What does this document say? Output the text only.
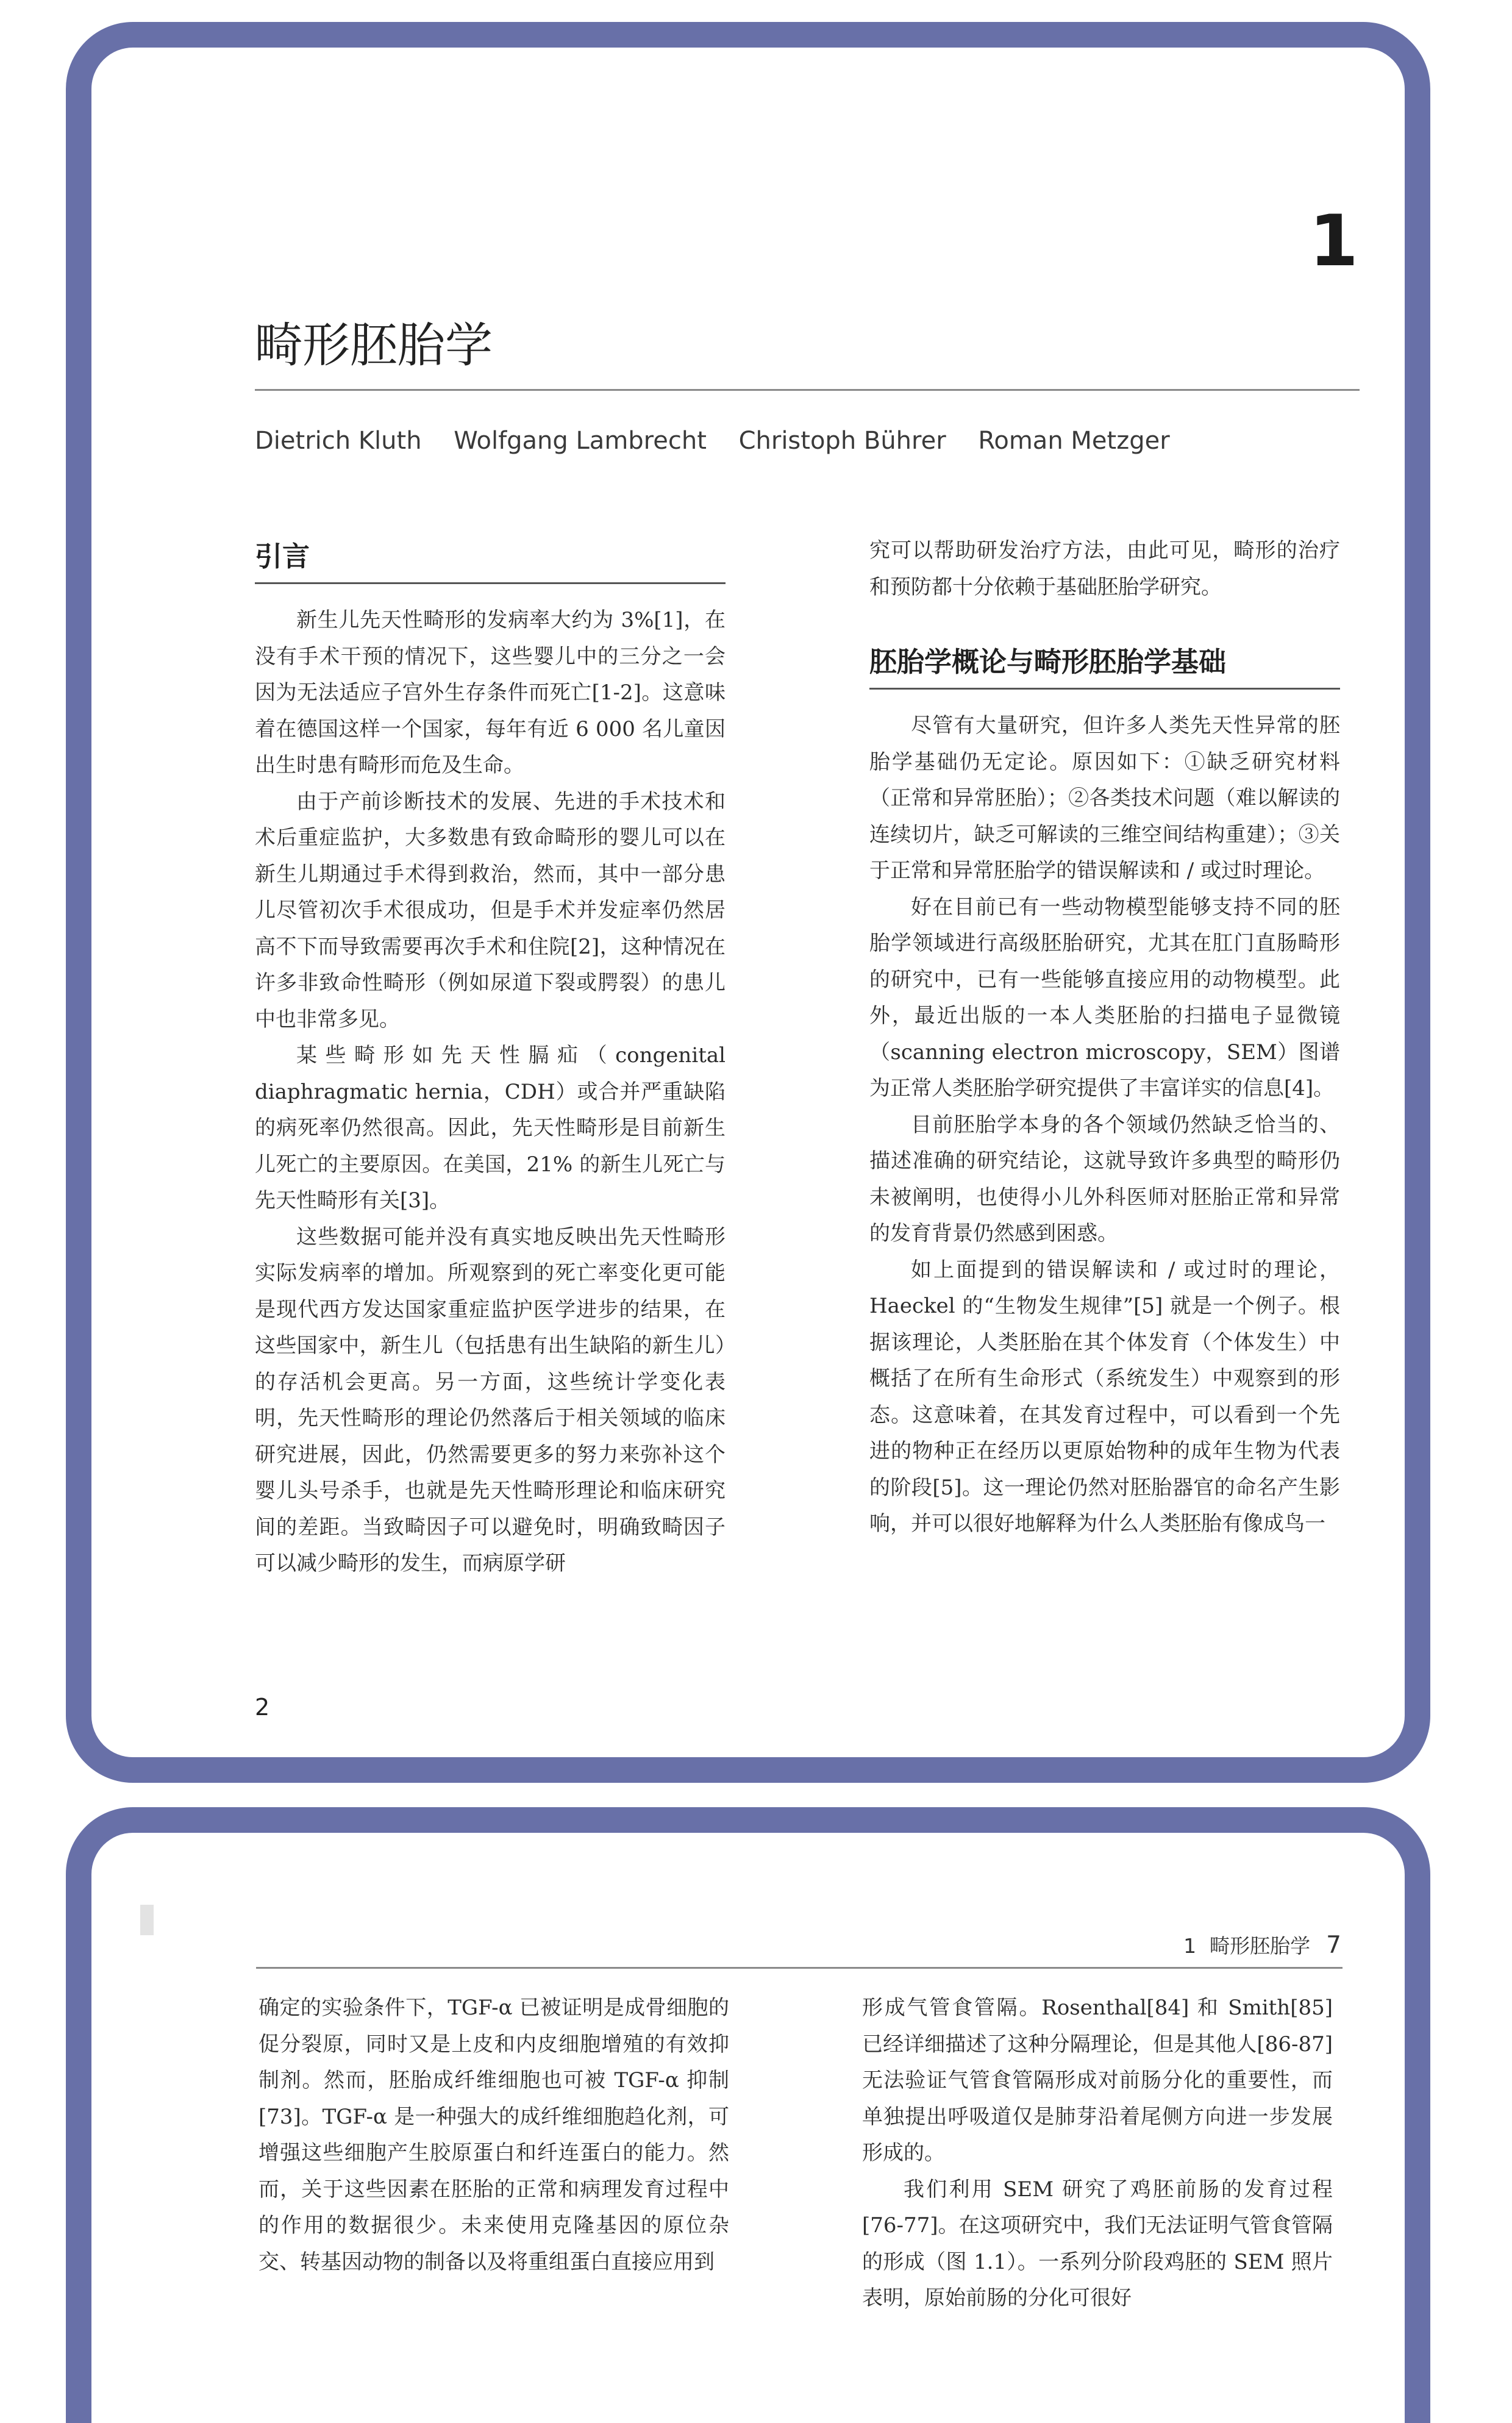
1
畸形胚胎学
Dietrich Kluth Wolfgang Lambrecht Christoph Bührer Roman Metzger
引言

新生儿先天性畸形的发病率大约为 3%[1]，在没有手术干预的情况下，这些婴儿中的三分之一会因为无法适应子宫外生存条件而死亡[1-2]。这意味着在德国这样一个国家，每年有近 6 000 名儿童因出生时患有畸形而危及生命。

由于产前诊断技术的发展、先进的手术技术和术后重症监护，大多数患有致命畸形的婴儿可以在新生儿期通过手术得到救治，然而，其中一部分患儿尽管初次手术很成功，但是手术并发症率仍然居高不下而导致需要再次手术和住院[2]，这种情况在许多非致命性畸形（例如尿道下裂或腭裂）的患儿中也非常多见。

某些畸形如先天性膈疝（congenital diaphragmatic hernia，CDH）或合并严重缺陷的病死率仍然很高。因此，先天性畸形是目前新生儿死亡的主要原因。在美国，21% 的新生儿死亡与先天性畸形有关[3]。

这些数据可能并没有真实地反映出先天性畸形实际发病率的增加。所观察到的死亡率变化更可能是现代西方发达国家重症监护医学进步的结果，在这些国家中，新生儿（包括患有出生缺陷的新生儿）的存活机会更高。另一方面，这些统计学变化表明，先天性畸形的理论仍然落后于相关领域的临床研究进展，因此，仍然需要更多的努力来弥补这个婴儿头号杀手，也就是先天性畸形理论和临床研究间的差距。当致畸因子可以避免时，明确致畸因子可以减少畸形的发生，而病原学研

究可以帮助研发治疗方法，由此可见，畸形的治疗和预防都十分依赖于基础胚胎学研究。

胚胎学概论与畸形胚胎学基础

尽管有大量研究，但许多人类先天性异常的胚胎学基础仍无定论。原因如下：①缺乏研究材料（正常和异常胚胎）；②各类技术问题（难以解读的连续切片，缺乏可解读的三维空间结构重建）；③关于正常和异常胚胎学的错误解读和 / 或过时理论。

好在目前已有一些动物模型能够支持不同的胚胎学领域进行高级胚胎研究，尤其在肛门直肠畸形的研究中，已有一些能够直接应用的动物模型。此外，最近出版的一本人类胚胎的扫描电子显微镜（scanning electron microscopy，SEM）图谱为正常人类胚胎学研究提供了丰富详实的信息[4]。

目前胚胎学本身的各个领域仍然缺乏恰当的、描述准确的研究结论，这就导致许多典型的畸形仍未被阐明，也使得小儿外科医师对胚胎正常和异常的发育背景仍然感到困惑。

如上面提到的错误解读和 / 或过时的理论，Haeckel 的“生物发生规律”[5] 就是一个例子。根据该理论，人类胚胎在其个体发育（个体发生）中概括了在所有生命形式（系统发生）中观察到的形态。这意味着，在其发育过程中，可以看到一个先进的物种正在经历以更原始物种的成年生物为代表的阶段[5]。这一理论仍然对胚胎器官的命名产生影响，并可以很好地解释为什么人类胚胎有像成鸟一

2
1 畸形胚胎学 7

确定的实验条件下，TGF-α 已被证明是成骨细胞的促分裂原，同时又是上皮和内皮细胞增殖的有效抑制剂。然而，胚胎成纤维细胞也可被 TGF-α 抑制[73]。TGF-α 是一种强大的成纤维细胞趋化剂，可增强这些细胞产生胶原蛋白和纤连蛋白的能力。然而，关于这些因素在胚胎的正常和病理发育过程中的作用的数据很少。未来使用克隆基因的原位杂交、转基因动物的制备以及将重组蛋白直接应用到

形成气管食管隔。Rosenthal[84] 和 Smith[85] 已经详细描述了这种分隔理论，但是其他人[86-87] 无法验证气管食管隔形成对前肠分化的重要性，而单独提出呼吸道仅是肺芽沿着尾侧方向进一步发展形成的。

我们利用 SEM 研究了鸡胚前肠的发育过程[76-77]。在这项研究中，我们无法证明气管食管隔的形成（图 1.1）。一系列分阶段鸡胚的 SEM 照片表明，原始前肠的分化可很好
